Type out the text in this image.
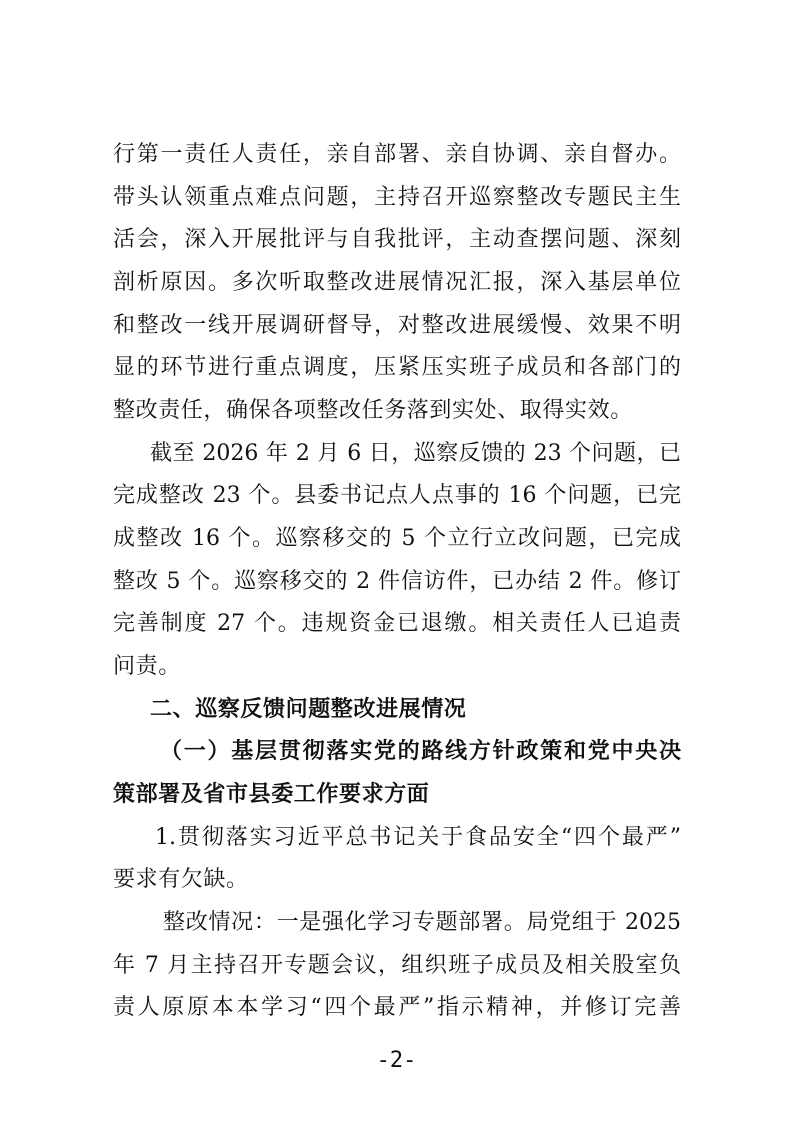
行第一责任人责任，亲自部署、亲自协调、亲自督办。
带头认领重点难点问题，主持召开巡察整改专题民主生
活会，深入开展批评与自我批评，主动查摆问题、深刻
剖析原因。多次听取整改进展情况汇报，深入基层单位
和整改一线开展调研督导，对整改进展缓慢、效果不明
显的环节进行重点调度，压紧压实班子成员和各部门的
整改责任，确保各项整改任务落到实处、取得实效。
截至 2026 年 2 月 6 日，巡察反馈的 23 个问题，已
完成整改 23 个。县委书记点人点事的 16 个问题，已完
成整改 16 个。巡察移交的 5 个立行立改问题，已完成
整改 5 个。巡察移交的 2 件信访件，已办结 2 件。修订
完善制度 27 个。违规资金已退缴。相关责任人已追责
问责。
二、巡察反馈问题整改进展情况
（一）基层贯彻落实党的路线方针政策和党中央决
策部署及省市县委工作要求方面
1.贯彻落实习近平总书记关于食品安全“四个最严”
要求有欠缺。
整改情况：一是强化学习专题部署。局党组于 2025
年 7 月主持召开专题会议，组织班子成员及相关股室负
责人原原本本学习“四个最严”指示精神，并修订完善
-2-
